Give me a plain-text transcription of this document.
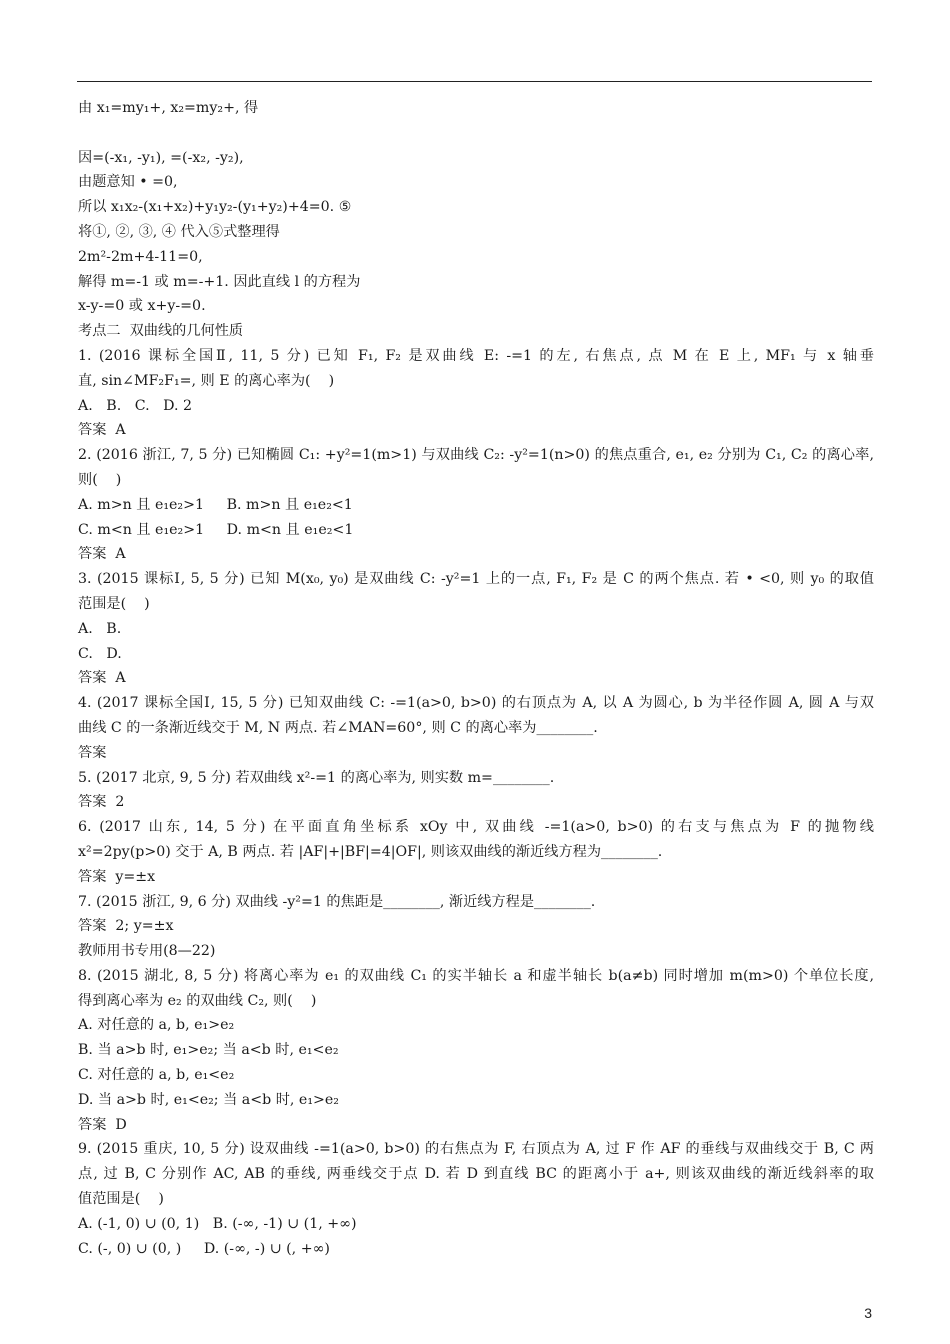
由 x₁=my₁+, x₂=my₂+, 得
因=(-x₁, -y₁), =(-x₂, -y₂),
由题意知 • =0,
所以 x₁x₂-(x₁+x₂)+y₁y₂-(y₁+y₂)+4=0. ⑤
将①, ②, ③, ④ 代入⑤式整理得
2m²-2m+4-11=0,
解得 m=-1 或 m=-+1. 因此直线 l 的方程为
x-y-=0 或 x+y-=0.
考点二  双曲线的几何性质
1. (2016 课标全国Ⅱ, 11, 5 分) 已知 F₁, F₂ 是双曲线 E: -=1 的左, 右焦点, 点 M 在 E 上, MF₁ 与 x 轴垂
直, sin∠MF₂F₁=, 则 E 的离心率为(    )
A.   B.   C.   D. 2
答案  A
2. (2016 浙江, 7, 5 分) 已知椭圆 C₁: +y²=1(m>1) 与双曲线 C₂: -y²=1(n>0) 的焦点重合, e₁, e₂ 分别为 C₁, C₂ 的离心率,
则(    )
A. m>n 且 e₁e₂>1     B. m>n 且 e₁e₂<1
C. m<n 且 e₁e₂>1     D. m<n 且 e₁e₂<1
答案  A
3. (2015 课标Ⅰ, 5, 5 分) 已知 M(x₀, y₀) 是双曲线 C: -y²=1 上的一点, F₁, F₂ 是 C 的两个焦点. 若 • <0, 则 y₀ 的取值
范围是(    )
A.   B.
C.   D.
答案  A
4. (2017 课标全国Ⅰ, 15, 5 分) 已知双曲线 C: -=1(a>0, b>0) 的右顶点为 A, 以 A 为圆心, b 为半径作圆 A, 圆 A 与双
曲线 C 的一条渐近线交于 M, N 两点. 若∠MAN=60°, 则 C 的离心率为________.
答案
5. (2017 北京, 9, 5 分) 若双曲线 x²-=1 的离心率为, 则实数 m=________.
答案  2
6. (2017 山东, 14, 5 分) 在平面直角坐标系 xOy 中, 双曲线 -=1(a>0, b>0) 的右支与焦点为 F 的抛物线
x²=2py(p>0) 交于 A, B 两点. 若 |AF|+|BF|=4|OF|, 则该双曲线的渐近线方程为________.
答案  y=±x
7. (2015 浙江, 9, 6 分) 双曲线 -y²=1 的焦距是________, 渐近线方程是________.
答案  2; y=±x
教师用书专用(8—22)
8. (2015 湖北, 8, 5 分) 将离心率为 e₁ 的双曲线 C₁ 的实半轴长 a 和虚半轴长 b(a≠b) 同时增加 m(m>0) 个单位长度,
得到离心率为 e₂ 的双曲线 C₂, 则(    )
A. 对任意的 a, b, e₁>e₂
B. 当 a>b 时, e₁>e₂; 当 a<b 时, e₁<e₂
C. 对任意的 a, b, e₁<e₂
D. 当 a>b 时, e₁<e₂; 当 a<b 时, e₁>e₂
答案  D
9. (2015 重庆, 10, 5 分) 设双曲线 -=1(a>0, b>0) 的右焦点为 F, 右顶点为 A, 过 F 作 AF 的垂线与双曲线交于 B, C 两
点, 过 B, C 分别作 AC, AB 的垂线, 两垂线交于点 D. 若 D 到直线 BC 的距离小于 a+, 则该双曲线的渐近线斜率的取
值范围是(    )
A. (-1, 0) ∪ (0, 1)   B. (-∞, -1) ∪ (1, +∞)
C. (-, 0) ∪ (0, )     D. (-∞, -) ∪ (, +∞)
3
